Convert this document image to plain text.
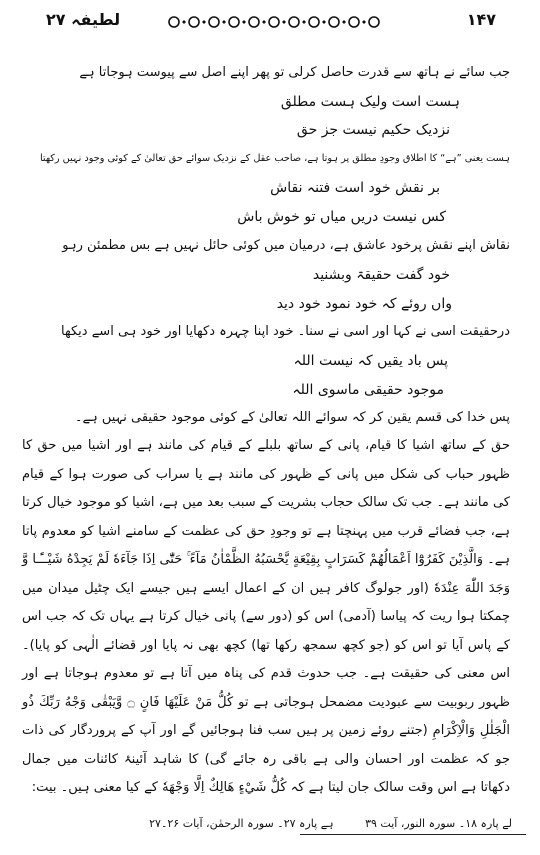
لطیفہ ۲۷	۱۴۷
جب سائے نے ہاتھ سے قدرت حاصل کرلی تو پھر اپنے اصل سے پیوست ہوجاتا ہے
ہست است ولیک ہست مطلق
نزدیک حکیم نیست جز حق
ہست یعنی ”ہے“ کا اطلاق وجودِ مطلق پر ہوتا ہے، صاحب عقل کے نزدیک سوائے حق تعالیٰ کے کوئی وجود نہیں رکھتا
بر نقش خود است فتنہ نقاش
کس نیست دریں میاں تو خوش باش
نقاش اپنے نقش پرخود عاشق ہے، درمیان میں کوئی حائل نہیں ہے بس مطمئن رہو
خود گفت حقیقۃ وبشنید
واں روئے کہ خود نمود خود دید
درحقیقت اسی نے کہا اور اسی نے سنا۔ خود اپنا چہرہ دکھایا اور خود ہی اسے دیکھا
پس باد یقیں کہ نیست اللہ
موجود حقیقی ماسوی اللہ
پس خدا کی قسم یقین کر کہ سوائے اللہ تعالیٰ کے کوئی موجود حقیقی نہیں ہے۔

حق کے ساتھ اشیا کا قیام، پانی کے ساتھ بلبلے کے قیام کی مانند ہے اور اشیا میں حق کا ظہور حباب کی شکل میں پانی کے ظہور کی مانند ہے یا سراب کی صورت ہوا کے قیام کی مانند ہے۔ جب تک سالک حجاب بشریت کے سبب بعد میں ہے، اشیا کو موجود خیال کرتا ہے، جب فضائے قرب میں پہنچتا ہے تو وجودِ حق کی عظمت کے سامنے اشیا کو معدوم پاتا ہے۔ وَالَّذِیْنَ كَفَرُوْٓا اَعْمَالُهُمْ كَسَرَابٍ بِقِيْعَةٍ يَّحْسَبُهُ الظَّمْاٰنُ مَآءً ۚ حَتّٰٓى اِذَا جَآءَهٗ لَمْ يَجِدْهُ شَيْــًٔـا وَّ وَجَدَ اللّٰهَ عِنْدَهٗ (اور جولوگ کافر ہیں ان کے اعمال ایسے ہیں جیسے ایک چٹیل میدان میں چمکتا ہوا ریت کہ پیاسا (آدمی) اس کو (دور سے) پانی خیال کرتا ہے یہاں تک کہ جب اس کے پاس آیا تو اس کو (جو کچھ سمجھ رکھا تھا) کچھ بھی نہ پایا اور قضائے الٰہی کو پایا)۔ اس معنی کی حقیقت ہے۔ جب حدوث قدم کی پناہ میں آتا ہے تو معدوم ہوجاتا ہے اور ظہور ربوبیت سے عبودیت مضمحل ہوجاتی ہے تو كُلُّ مَنْ عَلَيْهَا فَانٍ ۝ وَّيَبْقٰى وَجْهُ رَبِّكَ ذُو الْجَلٰلِ وَالْاِكْرَامِ (جتنے روئے زمین پر ہیں سب فنا ہوجائیں گے اور آپ کے پروردگار کی ذات جو کہ عظمت اور احسان والی ہے باقی رہ جائے گی) کا شاہد آئینۂ کائنات میں جمال دکھاتا ہے اس وقت سالک جان لیتا ہے کہ كُلُّ شَيْءٍ هَالِكٌ اِلَّا وَجْهَهٗ کے کیا معنی ہیں۔ بیت:

لے پارہ ۱۸۔ سورہ النور، آیت ۳۹ ہے پارہ ۲۷۔ سورہ الرحمٰن، آیات ۲۶۔۲۷
